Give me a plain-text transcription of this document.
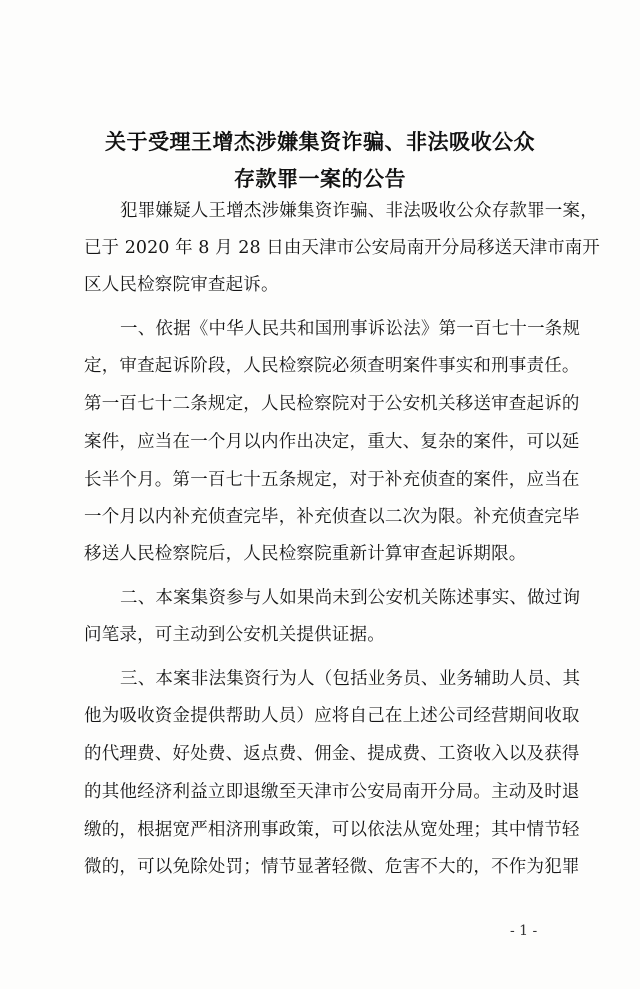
关于受理王增杰涉嫌集资诈骗、非法吸收公众
存款罪一案的公告
犯罪嫌疑人王增杰涉嫌集资诈骗、非法吸收公众存款罪一案，
已于 2020 年 8 月 28 日由天津市公安局南开分局移送天津市南开
区人民检察院审查起诉。
一、依据《中华人民共和国刑事诉讼法》第一百七十一条规
定，审查起诉阶段，人民检察院必须查明案件事实和刑事责任。
第一百七十二条规定，人民检察院对于公安机关移送审查起诉的
案件，应当在一个月以内作出决定，重大、复杂的案件，可以延
长半个月。第一百七十五条规定，对于补充侦查的案件，应当在
一个月以内补充侦查完毕，补充侦查以二次为限。补充侦查完毕
移送人民检察院后，人民检察院重新计算审查起诉期限。
二、本案集资参与人如果尚未到公安机关陈述事实、做过询
问笔录，可主动到公安机关提供证据。
三、本案非法集资行为人（包括业务员、业务辅助人员、其
他为吸收资金提供帮助人员）应将自己在上述公司经营期间收取
的代理费、好处费、返点费、佣金、提成费、工资收入以及获得
的其他经济利益立即退缴至天津市公安局南开分局。主动及时退
缴的，根据宽严相济刑事政策，可以依法从宽处理；其中情节轻
微的，可以免除处罚；情节显著轻微、危害不大的，不作为犯罪
- 1 -
